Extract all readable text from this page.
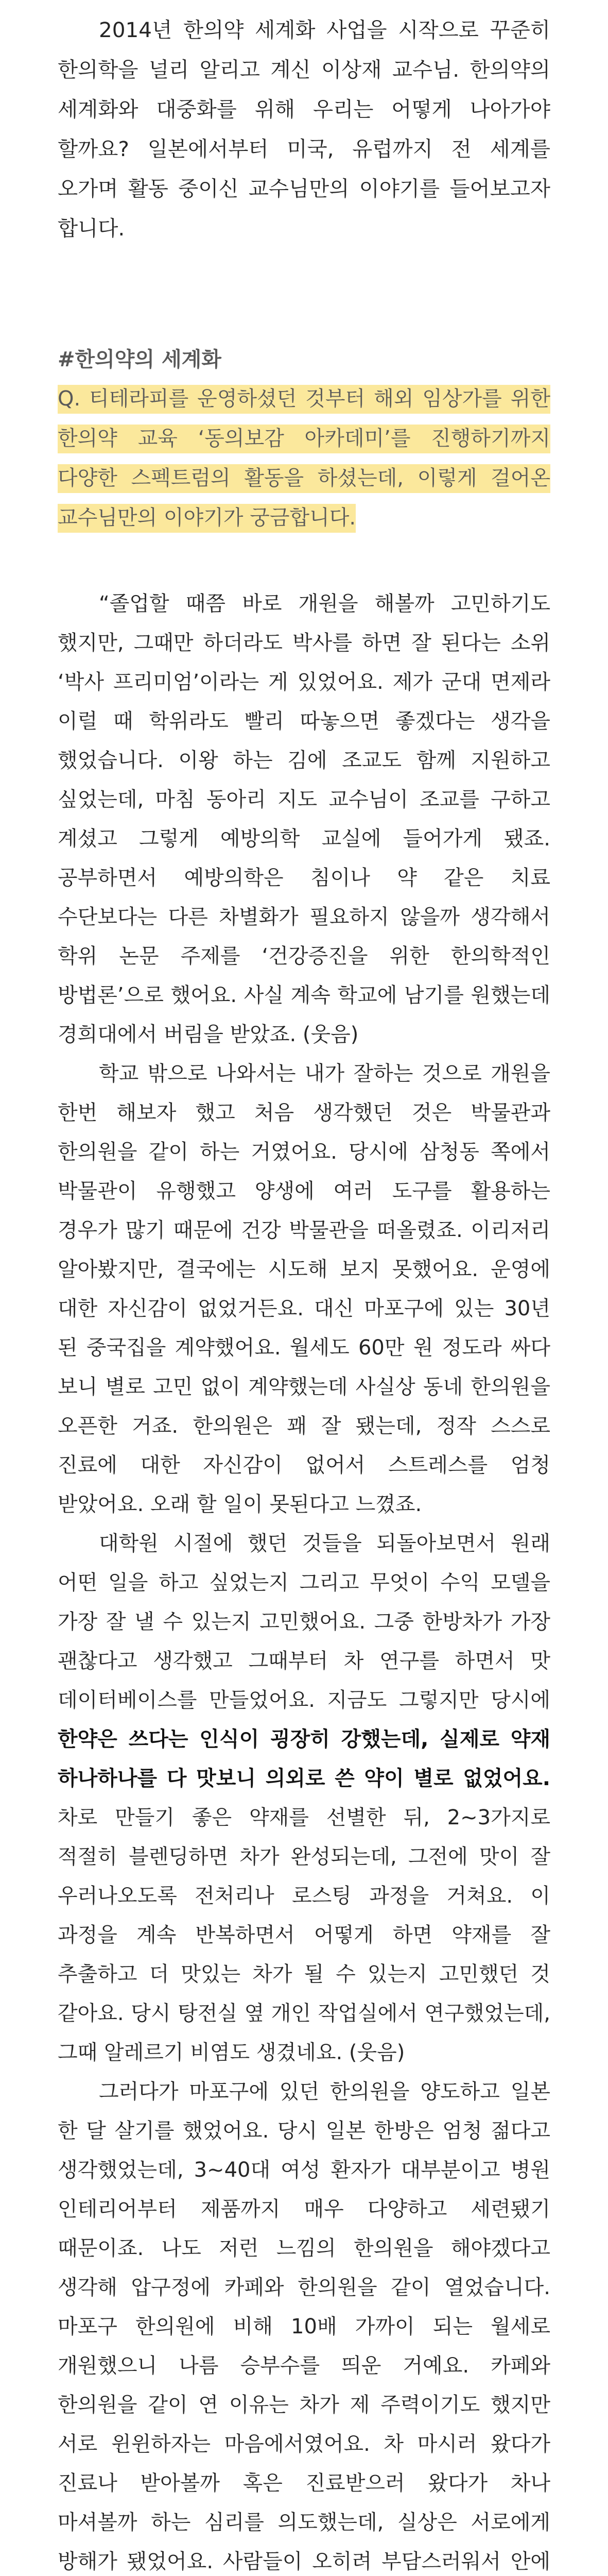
2014년 한의약 세계화 사업을 시작으로 꾸준히 한의학을 널리 알리고 계신 이상재 교수님. 한의약의 세계화와 대중화를 위해 우리는 어떻게 나아가야 할까요? 일본에서부터 미국, 유럽까지 전 세계를 오가며 활동 중이신 교수님만의 이야기를 들어보고자 합니다.

#한의약의 세계화

Q. 티테라피를 운영하셨던 것부터 해외 임상가를 위한 한의약 교육 ‘동의보감 아카데미’를 진행하기까지 다양한 스펙트럼의 활동을 하셨는데, 이렇게 걸어온 교수님만의 이야기가 궁금합니다.

“졸업할 때쯤 바로 개원을 해볼까 고민하기도 했지만, 그때만 하더라도 박사를 하면 잘 된다는 소위 ‘박사 프리미엄’이라는 게 있었어요. 제가 군대 면제라 이럴 때 학위라도 빨리 따놓으면 좋겠다는 생각을 했었습니다. 이왕 하는 김에 조교도 함께 지원하고 싶었는데, 마침 동아리 지도 교수님이 조교를 구하고 계셨고 그렇게 예방의학 교실에 들어가게 됐죠. 공부하면서 예방의학은 침이나 약 같은 치료 수단보다는 다른 차별화가 필요하지 않을까 생각해서 학위 논문 주제를 ‘건강증진을 위한 한의학적인 방법론’으로 했어요. 사실 계속 학교에 남기를 원했는데 경희대에서 버림을 받았죠. (웃음)

학교 밖으로 나와서는 내가 잘하는 것으로 개원을 한번 해보자 했고 처음 생각했던 것은 박물관과 한의원을 같이 하는 거였어요. 당시에 삼청동 쪽에서 박물관이 유행했고 양생에 여러 도구를 활용하는 경우가 많기 때문에 건강 박물관을 떠올렸죠. 이리저리 알아봤지만, 결국에는 시도해 보지 못했어요. 운영에 대한 자신감이 없었거든요. 대신 마포구에 있는 30년 된 중국집을 계약했어요. 월세도 60만 원 정도라 싸다 보니 별로 고민 없이 계약했는데 사실상 동네 한의원을 오픈한 거죠. 한의원은 꽤 잘 됐는데, 정작 스스로 진료에 대한 자신감이 없어서 스트레스를 엄청 받았어요. 오래 할 일이 못된다고 느꼈죠.

대학원 시절에 했던 것들을 되돌아보면서 원래 어떤 일을 하고 싶었는지 그리고 무엇이 수익 모델을 가장 잘 낼 수 있는지 고민했어요. 그중 한방차가 가장 괜찮다고 생각했고 그때부터 차 연구를 하면서 맛 데이터베이스를 만들었어요. 지금도 그렇지만 당시에 한약은 쓰다는 인식이 굉장히 강했는데, 실제로 약재 하나하나를 다 맛보니 의외로 쓴 약이 별로 없었어요. 차로 만들기 좋은 약재를 선별한 뒤, 2~3가지로 적절히 블렌딩하면 차가 완성되는데, 그전에 맛이 잘 우러나오도록 전처리나 로스팅 과정을 거쳐요. 이 과정을 계속 반복하면서 어떻게 하면 약재를 잘 추출하고 더 맛있는 차가 될 수 있는지 고민했던 것 같아요. 당시 탕전실 옆 개인 작업실에서 연구했었는데, 그때 알레르기 비염도 생겼네요. (웃음)

그러다가 마포구에 있던 한의원을 양도하고 일본 한 달 살기를 했었어요. 당시 일본 한방은 엄청 젊다고 생각했었는데, 3~40대 여성 환자가 대부분이고 병원 인테리어부터 제품까지 매우 다양하고 세련됐기 때문이죠. 나도 저런 느낌의 한의원을 해야겠다고 생각해 압구정에 카페와 한의원을 같이 열었습니다. 마포구 한의원에 비해 10배 가까이 되는 월세로 개원했으니 나름 승부수를 띄운 거예요. 카페와 한의원을 같이 연 이유는 차가 제 주력이기도 했지만 서로 윈윈하자는 마음에서였어요. 차 마시러 왔다가 진료나 받아볼까 혹은 진료받으러 왔다가 차나 마셔볼까 하는 심리를 의도했는데, 실상은 서로에게 방해가 됐었어요. 사람들이 오히려 부담스러워서 안에
